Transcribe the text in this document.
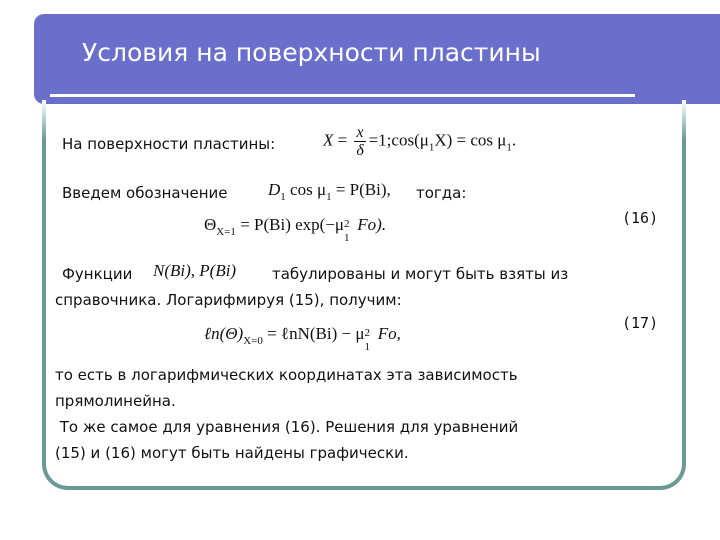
Условия на поверхности пластины
На поверхности пластины:	$X = \frac{x}{\delta}$ $=1;\cos(\mu_1X) = \cos \mu_1$.
Введем обозначение $D_1$ $\cos \mu_1 = P(Bi)$, тогда:
(16)
$\Theta_{X=1} = P(Bi)$ exp(−μ 2
1
Fo).
Функции N(Bi), P(Bi) табулированы и могут быть взяты из
справочника. Логарифмируя (15), получим:
(17)
$\ell n(\Theta)_{X=0}$ = ℓnN(Bi) − μ 2
1
Fo,
то есть в логарифмических координатах эта зависимость
прямолинейна.
То же самое для уравнения (16). Решения для уравнений
(15) и (16) могут быть найдены графически.
